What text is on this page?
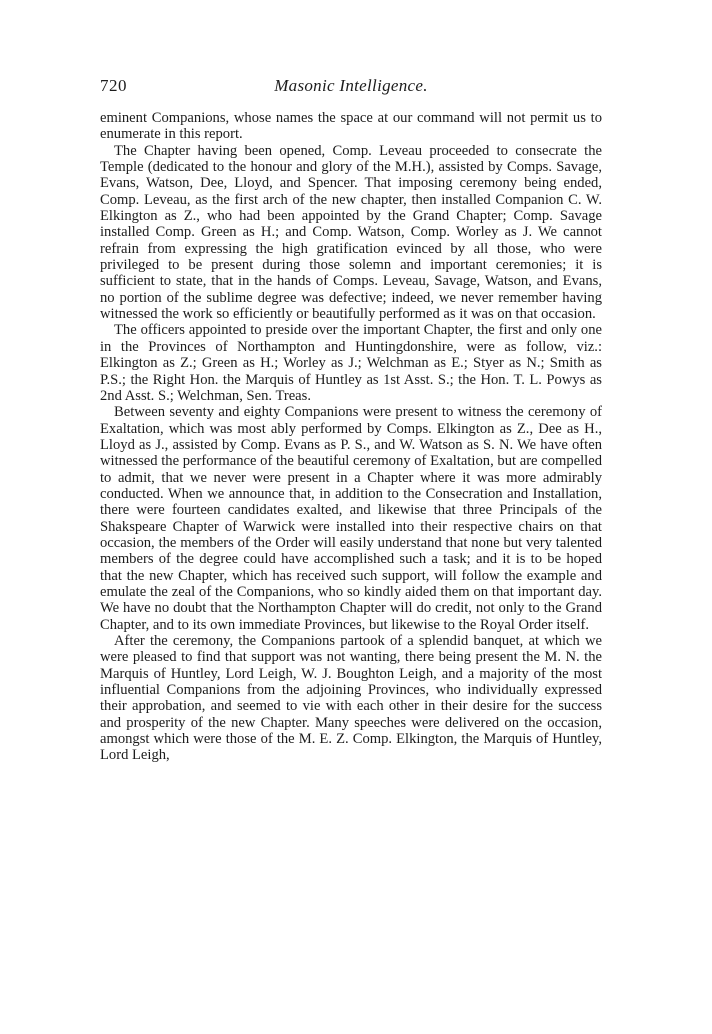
720	Masonic Intelligence.

eminent Companions, whose names the space at our command will not permit us to enumerate in this report.

The Chapter having been opened, Comp. Leveau proceeded to consecrate the Temple (dedicated to the honour and glory of the M.H.), assisted by Comps. Savage, Evans, Watson, Dee, Lloyd, and Spencer. That imposing ceremony being ended, Comp. Leveau, as the first arch of the new chapter, then installed Companion C. W. Elkington as Z., who had been appointed by the Grand Chapter; Comp. Savage installed Comp. Green as H.; and Comp. Watson, Comp. Worley as J. We cannot refrain from expressing the high gratification evinced by all those, who were privileged to be present during those solemn and important ceremonies; it is sufficient to state, that in the hands of Comps. Leveau, Savage, Watson, and Evans, no portion of the sublime degree was defective; indeed, we never remember having witnessed the work so efficiently or beautifully performed as it was on that occasion.

The officers appointed to preside over the important Chapter, the first and only one in the Provinces of Northampton and Huntingdonshire, were as follow, viz.: Elkington as Z.; Green as H.; Worley as J.; Welchman as E.; Styer as N.; Smith as P.S.; the Right Hon. the Marquis of Huntley as 1st Asst. S.; the Hon. T. L. Powys as 2nd Asst. S.; Welchman, Sen. Treas.

Between seventy and eighty Companions were present to witness the ceremony of Exaltation, which was most ably performed by Comps. Elkington as Z., Dee as H., Lloyd as J., assisted by Comp. Evans as P. S., and W. Watson as S. N. We have often witnessed the performance of the beautiful ceremony of Exaltation, but are compelled to admit, that we never were present in a Chapter where it was more admirably conducted. When we announce that, in addition to the Consecration and Installation, there were fourteen candidates exalted, and likewise that three Principals of the Shakspeare Chapter of Warwick were installed into their respective chairs on that occasion, the members of the Order will easily understand that none but very talented members of the degree could have accomplished such a task; and it is to be hoped that the new Chapter, which has received such support, will follow the example and emulate the zeal of the Companions, who so kindly aided them on that important day. We have no doubt that the Northampton Chapter will do credit, not only to the Grand Chapter, and to its own immediate Provinces, but likewise to the Royal Order itself.

After the ceremony, the Companions partook of a splendid banquet, at which we were pleased to find that support was not wanting, there being present the M. N. the Marquis of Huntley, Lord Leigh, W. J. Boughton Leigh, and a majority of the most influential Companions from the adjoining Provinces, who individually expressed their approbation, and seemed to vie with each other in their desire for the success and prosperity of the new Chapter. Many speeches were delivered on the occasion, amongst which were those of the M. E. Z. Comp. Elkington, the Marquis of Huntley, Lord Leigh,
